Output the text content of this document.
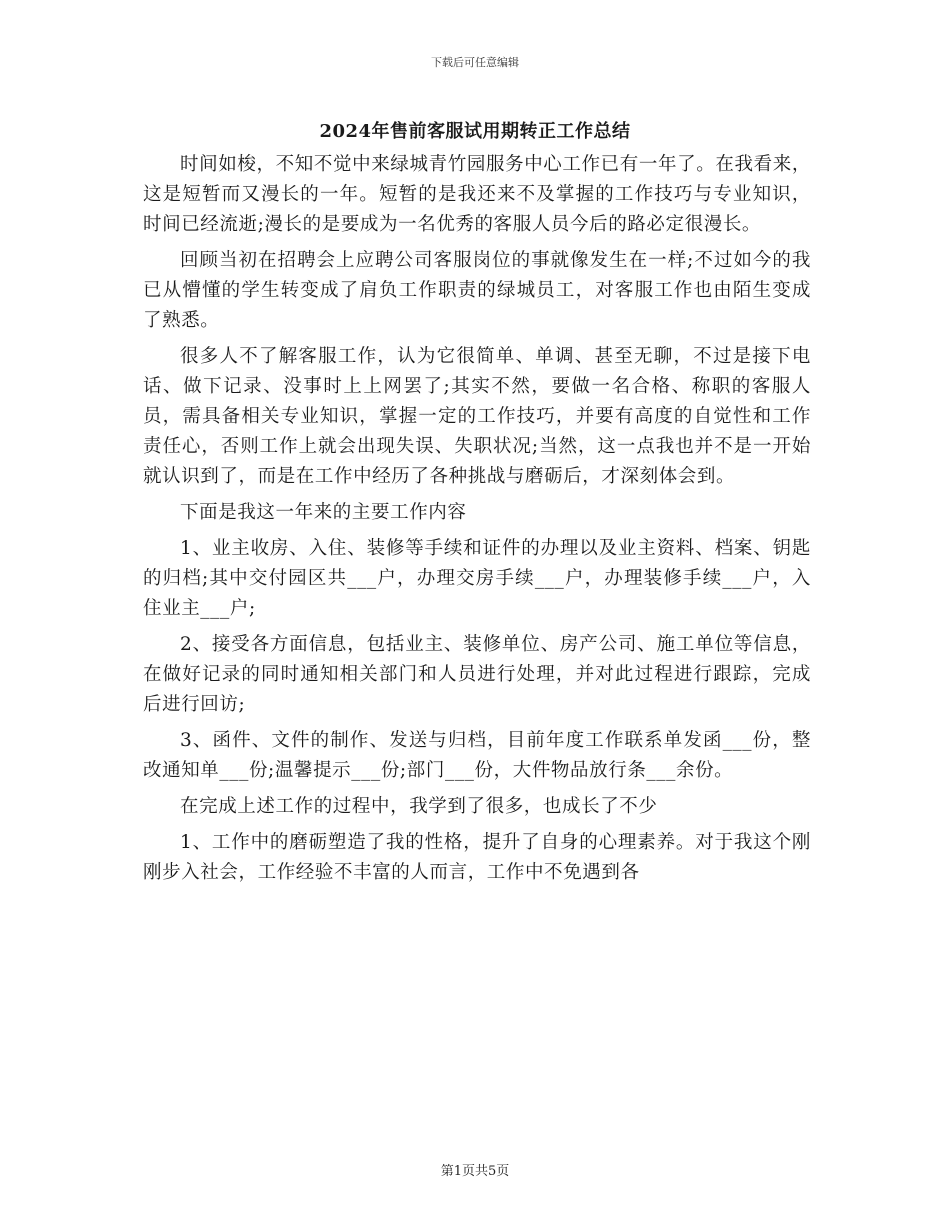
下载后可任意编辑
2024年售前客服试用期转正工作总结

时间如梭，不知不觉中来绿城青竹园服务中心工作已有一年了。在我看来，这是短暂而又漫长的一年。短暂的是我还来不及掌握的工作技巧与专业知识，时间已经流逝;漫长的是要成为一名优秀的客服人员今后的路必定很漫长。

回顾当初在招聘会上应聘公司客服岗位的事就像发生在一样;不过如今的我已从懵懂的学生转变成了肩负工作职责的绿城员工，对客服工作也由陌生变成了熟悉。

很多人不了解客服工作，认为它很简单、单调、甚至无聊，不过是接下电话、做下记录、没事时上上网罢了;其实不然，要做一名合格、称职的客服人员，需具备相关专业知识，掌握一定的工作技巧，并要有高度的自觉性和工作责任心，否则工作上就会出现失误、失职状况;当然，这一点我也并不是一开始就认识到了，而是在工作中经历了各种挑战与磨砺后，才深刻体会到。

下面是我这一年来的主要工作内容

1、业主收房、入住、装修等手续和证件的办理以及业主资料、档案、钥匙的归档;其中交付园区共___户，办理交房手续___户，办理装修手续___户，入住业主___户;

2、接受各方面信息，包括业主、装修单位、房产公司、施工单位等信息，在做好记录的同时通知相关部门和人员进行处理，并对此过程进行跟踪，完成后进行回访;

3、函件、文件的制作、发送与归档，目前年度工作联系单发函___份，整改通知单___份;温馨提示___份;部门___份，大件物品放行条___余份。

在完成上述工作的过程中，我学到了很多，也成长了不少

1、工作中的磨砺塑造了我的性格，提升了自身的心理素养。对于我这个刚刚步入社会，工作经验不丰富的人而言，工作中不免遇到各

第1页共5页
